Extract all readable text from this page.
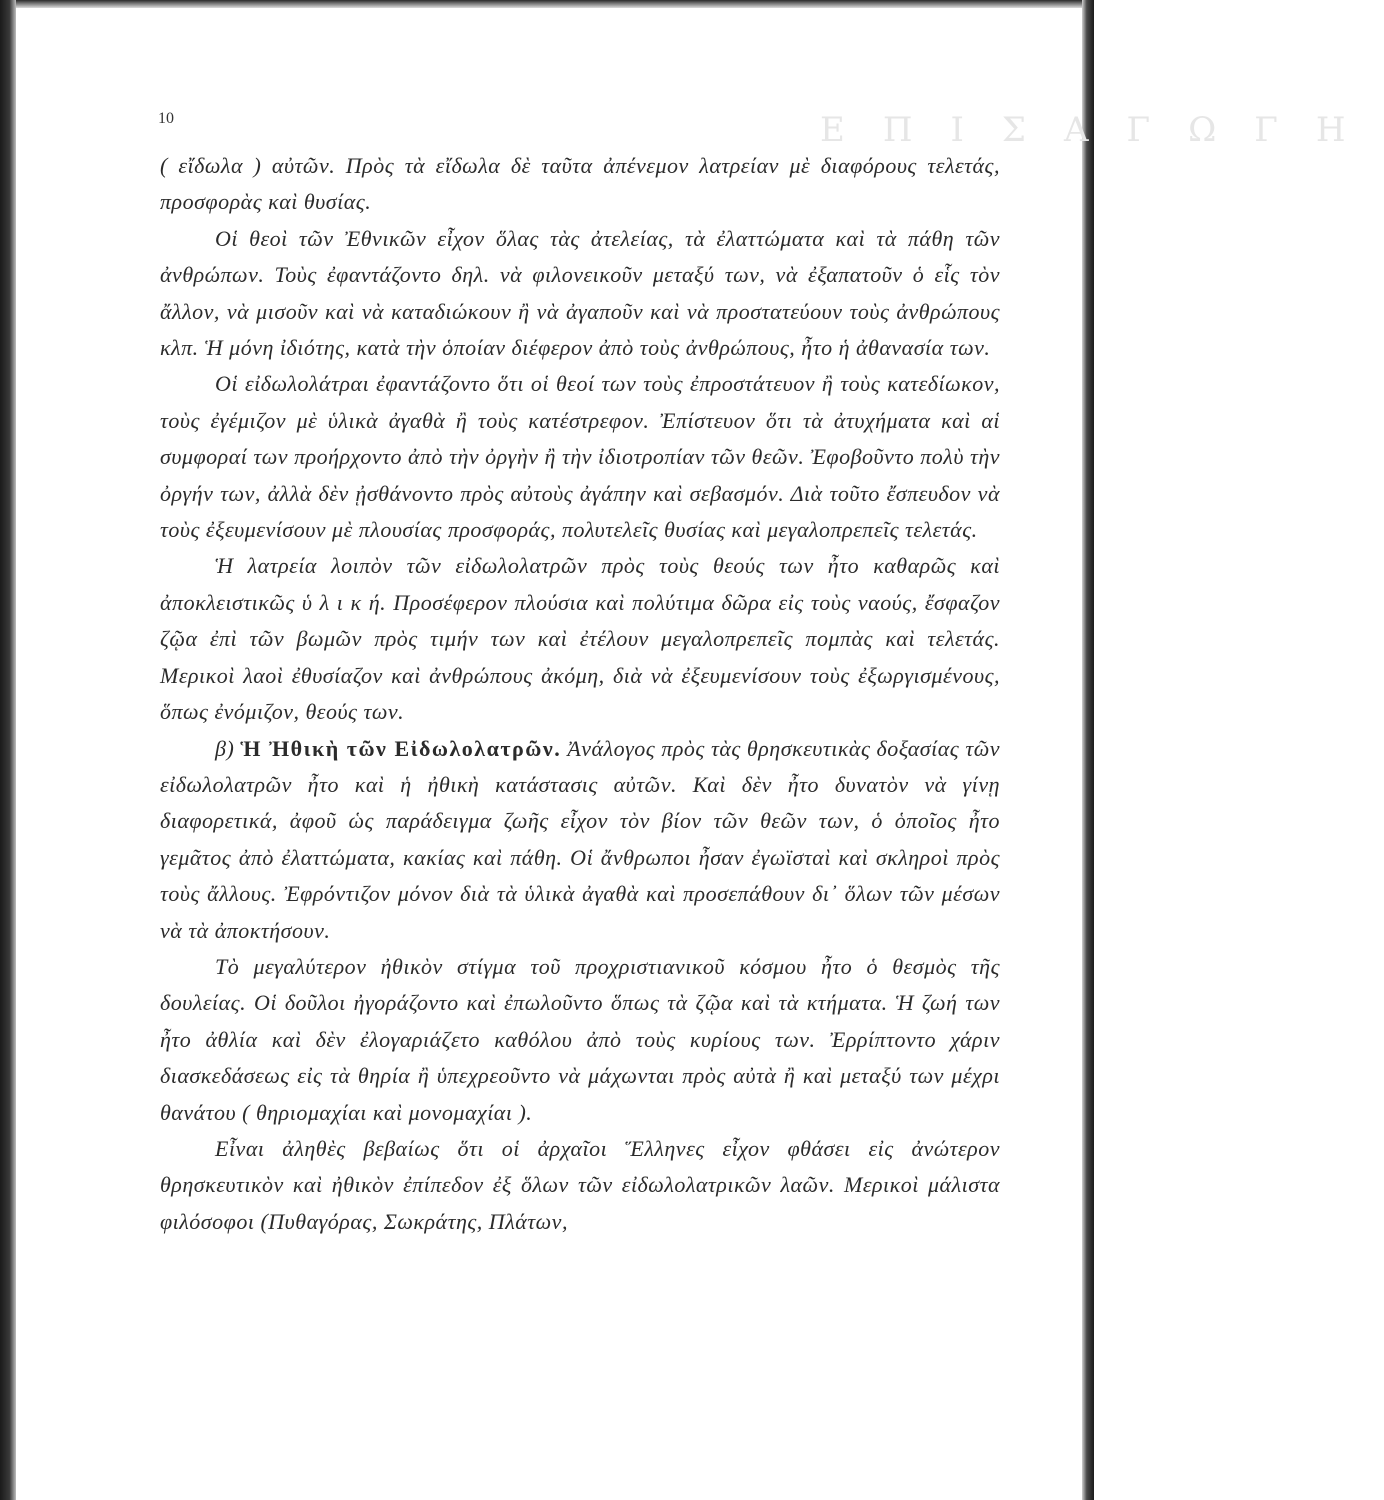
ΕΠΙΣΑΓΩΓΗ
10

( εἴδωλα ) αὐτῶν. Πρὸς τὰ εἴδωλα δὲ ταῦτα ἀπένεμον λατρείαν μὲ διαφόρους τελετάς, προσφορὰς καὶ θυσίας.

Οἱ θεοὶ τῶν Ἐθνικῶν εἶχον ὅλας τὰς ἀτελείας, τὰ ἐλαττώματα καὶ τὰ πάθη τῶν ἀνθρώπων. Τοὺς ἐφαντάζοντο δηλ. νὰ φιλονεικοῦν μεταξύ των, νὰ ἐξαπατοῦν ὁ εἷς τὸν ἄλλον, νὰ μισοῦν καὶ νὰ καταδιώκουν ἢ νὰ ἀγαποῦν καὶ νὰ προστατεύουν τοὺς ἀνθρώπους κλπ. Ἡ μόνη ἰδιότης, κατὰ τὴν ὁποίαν διέφερον ἀπὸ τοὺς ἀνθρώπους, ἦτο ἡ ἀθανασία των.

Οἱ εἰδωλολάτραι ἐφαντάζοντο ὅτι οἱ θεοί των τοὺς ἐπροστάτευον ἢ τοὺς κατεδίωκον, τοὺς ἐγέμιζον μὲ ὑλικὰ ἀγαθὰ ἢ τοὺς κατέστρεφον. Ἐπίστευον ὅτι τὰ ἀτυχήματα καὶ αἱ συμφοραί των προήρχοντο ἀπὸ τὴν ὀργὴν ἢ τὴν ἰδιοτροπίαν τῶν θεῶν. Ἐφοβοῦντο πολὺ τὴν ὀργήν των, ἀλλὰ δὲν ᾐσθάνοντο πρὸς αὐτοὺς ἀγάπην καὶ σεβασμόν. Διὰ τοῦτο ἔσπευδον νὰ τοὺς ἐξευμενίσουν μὲ πλουσίας προσφοράς, πολυτελεῖς θυσίας καὶ μεγαλοπρεπεῖς τελετάς.

Ἡ λατρεία λοιπὸν τῶν εἰδωλολατρῶν πρὸς τοὺς θεούς των ἦτο καθαρῶς καὶ ἀποκλειστικῶς ὑ λ ι κ ή. Προσέφερον πλούσια καὶ πολύτιμα δῶρα εἰς τοὺς ναούς, ἔσφαζον ζῷα ἐπὶ τῶν βωμῶν πρὸς τιμήν των καὶ ἐτέλουν μεγαλοπρεπεῖς πομπὰς καὶ τελετάς. Μερικοὶ λαοὶ ἐθυσίαζον καὶ ἀνθρώπους ἀκόμη, διὰ νὰ ἐξευμενίσουν τοὺς ἐξωργισμένους, ὅπως ἐνόμιζον, θεούς των.

β) Ἡ Ἠθικὴ τῶν Εἰδωλολατρῶν. Ἀνάλογος πρὸς τὰς θρησκευτικὰς δοξασίας τῶν εἰδωλολατρῶν ἦτο καὶ ἡ ἠθικὴ κατάστασις αὐτῶν. Καὶ δὲν ἦτο δυνατὸν νὰ γίνῃ διαφορετικά, ἀφοῦ ὡς παράδειγμα ζωῆς εἶχον τὸν βίον τῶν θεῶν των, ὁ ὁποῖος ἦτο γεμᾶτος ἀπὸ ἐλαττώματα, κακίας καὶ πάθη. Οἱ ἄνθρωποι ἦσαν ἐγωϊσταὶ καὶ σκληροὶ πρὸς τοὺς ἄλλους. Ἐφρόντιζον μόνον διὰ τὰ ὑλικὰ ἀγαθὰ καὶ προσεπάθουν δι᾽ ὅλων τῶν μέσων νὰ τὰ ἀποκτήσουν.

Τὸ μεγαλύτερον ἠθικὸν στίγμα τοῦ προχριστιανικοῦ κόσμου ἦτο ὁ θεσμὸς τῆς δουλείας. Οἱ δοῦλοι ἠγοράζοντο καὶ ἐπωλοῦντο ὅπως τὰ ζῷα καὶ τὰ κτήματα. Ἡ ζωή των ἦτο ἀθλία καὶ δὲν ἐλογαριάζετο καθόλου ἀπὸ τοὺς κυρίους των. Ἐρρίπτοντο χάριν διασκεδάσεως εἰς τὰ θηρία ἢ ὑπεχρεοῦντο νὰ μάχωνται πρὸς αὐτὰ ἢ καὶ μεταξύ των μέχρι θανάτου ( θηριομαχίαι καὶ μονομαχίαι ).

Εἶναι ἀληθὲς βεβαίως ὅτι οἱ ἀρχαῖοι Ἕλληνες εἶχον φθάσει εἰς ἀνώτερον θρησκευτικὸν καὶ ἠθικὸν ἐπίπεδον ἐξ ὅλων τῶν εἰδωλολατρικῶν λαῶν. Μερικοὶ μάλιστα φιλόσοφοι (Πυθαγόρας, Σωκράτης, Πλάτων,
